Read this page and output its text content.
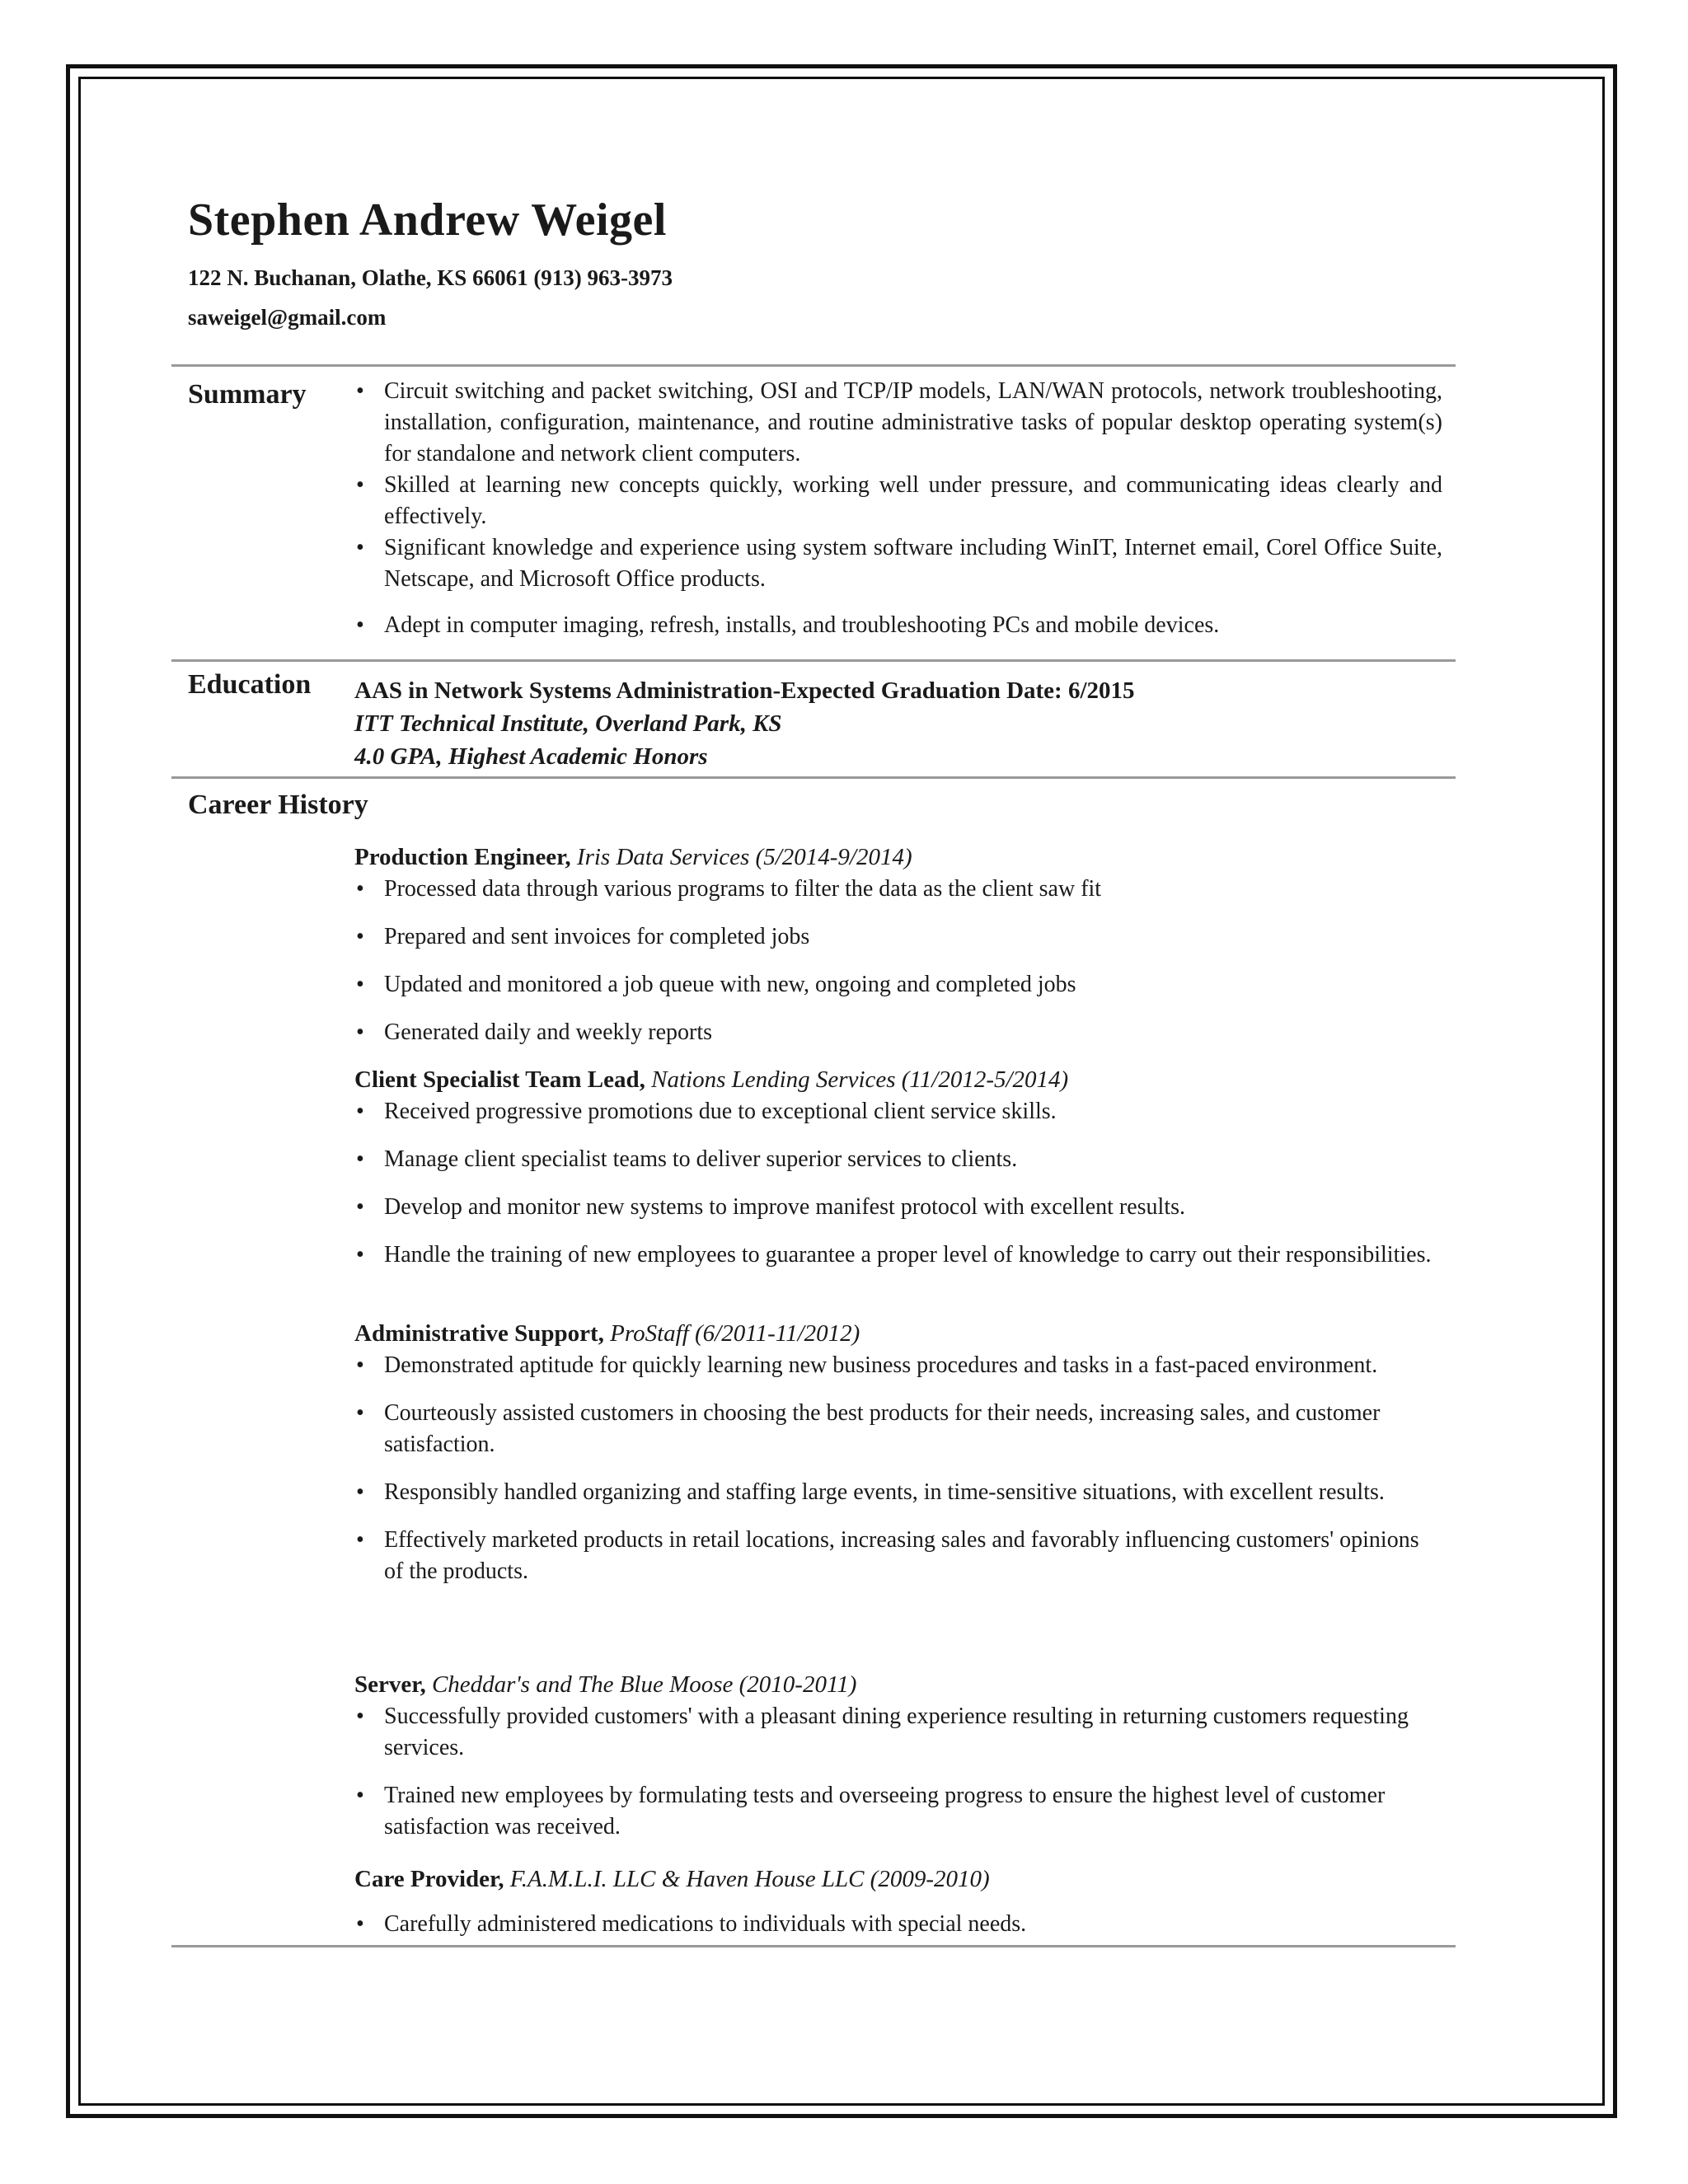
Stephen Andrew Weigel
122 N. Buchanan, Olathe, KS 66061 (913) 963-3973
saweigel@gmail.com
Summary
•	Circuit switching and packet switching, OSI and TCP/IP models, LAN/WAN protocols, network troubleshooting, installation, configuration, maintenance, and routine administrative tasks of popular desktop operating system(s) for standalone and network client computers.
• Skilled at learning new concepts quickly, working well under pressure, and communicating ideas clearly and effectively.
• Significant knowledge and experience using system software including WinIT, Internet email, Corel Office Suite, Netscape, and Microsoft Office products.
• Adept in computer imaging, refresh, installs, and troubleshooting PCs and mobile devices.
Education AAS in Network Systems Administration-Expected Graduation Date: 6/2015
ITT Technical Institute, Overland Park, KS
4.0 GPA, Highest Academic Honors
Career History
Production Engineer, Iris Data Services (5/2014-9/2014)
• Processed data through various programs to filter the data as the client saw fit
• Prepared and sent invoices for completed jobs
• Updated and monitored a job queue with new, ongoing and completed jobs
• Generated daily and weekly reports
Client Specialist Team Lead, Nations Lending Services (11/2012-5/2014)
• Received progressive promotions due to exceptional client service skills.
• Manage client specialist teams to deliver superior services to clients.
• Develop and monitor new systems to improve manifest protocol with excellent results.
• Handle the training of new employees to guarantee a proper level of knowledge to carry out their responsibilities.
Administrative Support, ProStaff (6/2011-11/2012)
• Demonstrated aptitude for quickly learning new business procedures and tasks in a fast-paced environment.
• Courteously assisted customers in choosing the best products for their needs, increasing sales, and customer satisfaction.
• Responsibly handled organizing and staffing large events, in time-sensitive situations, with excellent results.
• Effectively marketed products in retail locations, increasing sales and favorably influencing customers' opinions of the products.
Server, Cheddar's and The Blue Moose (2010-2011)
• Successfully provided customers' with a pleasant dining experience resulting in returning customers requesting services.
• Trained new employees by formulating tests and overseeing progress to ensure the highest level of customer satisfaction was received.
Care Provider, F.A.M.L.I. LLC & Haven House LLC (2009-2010)
• Carefully administered medications to individuals with special needs.
